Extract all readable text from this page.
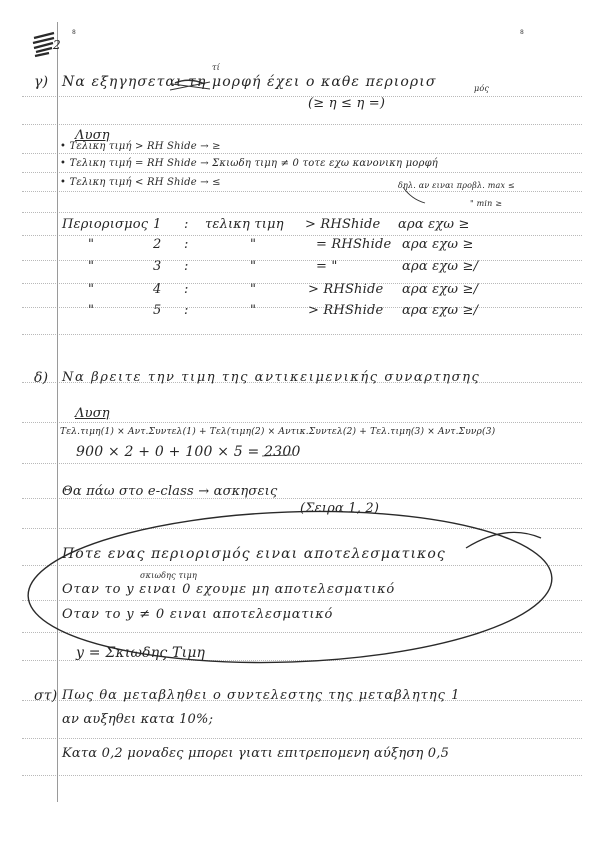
8	8
2
γ)
τί
Να εξηγησεται τη μορφή έχει ο καθε περιορισ	μός
(≥ η ≤ η =)
Λυση
• Τελικη τιμή > RH Shide → ≥
• Τελικη τιμή = RH Shide → Σκιωδη τιμη ≠ 0 τοτε εχω κανονικη μορφή
• Τελικη τιμή < RH Shide → ≤	δηλ. αν ειναι προβλ. max ≤
" min ≥
Περιορισμος 1 : τελικη τιμη > RHShide αρα εχω ≥
"	2 :	"	= RHShide αρα εχω ≥
"	3 :	"	= "	αρα εχω ≥/
"	4 :	"	> RHShide αρα εχω ≥/
"	5 :	"	> RHShide αρα εχω ≥/
δ) Να βρειτε την τιμη της αντικειμενικής συναρτησης
Λυση
Τελ.τιμη(1) × Αντ.Συντελ(1) + Τελ(τιμη(2) × Αντικ.Συντελ(2) + Τελ.τιμη(3) × Αντ.Συνρ(3)
900 × 2 + 0 + 100 × 5 = 2300
Θα πάω στο e-class → ασκησεις
(Σειρα 1, 2)
Ποτε ενας περιορισμός ειναι αποτελεσματικος
σκιωδης τιμη
Οταν το y ειναι 0 εχουμε μη αποτελεσματικό
Οταν το y ≠ 0 ειναι αποτελεσματικό
y = Σκιωδης Τιμη
στ) Πως θα μεταβληθει ο συντελεστης της μεταβλητης 1
αν αυξηθει κατα 10%;
Κατα 0,2 μοναδες μπορει γιατι επιτρεπομενη αύξηση 0,5
